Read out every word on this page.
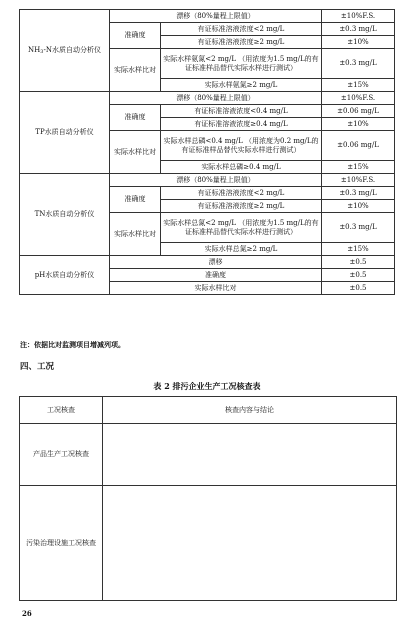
$NH_3-N$水质自动分析仪	漂移（80%量程上限值）		±10%F.S.
	准确度	有证标准溶液浓度<2 mg/L	±0.3 mg/L
		有证标准溶液浓度≥2 mg/L	±10%
	实际水样比对	实际水样氨氮<2 mg/L （用浓度为1.5 mg/L的有证标准样品替代实际水样进行测试）	±0.3 mg/L
		实际水样氨氮≥2 mg/L	±15%
TP水质自动分析仪	漂移（80%量程上限值）		±10%F.S.
	准确度	有证标准溶液浓度<0.4 mg/L	±0.06 mg/L
		有证标准溶液浓度≥0.4 mg/L	±10%
	实际水样比对	实际水样总磷<0.4 mg/L （用浓度为0.2 mg/L的有证标准样品替代实际水样进行测试）	±0.06 mg/L
		实际水样总磷≥0.4 mg/L	±15%
TN水质自动分析仪	漂移（80%量程上限值）		±10%F.S.
	准确度	有证标准溶液浓度<2 mg/L	±0.3 mg/L
		有证标准溶液浓度≥2 mg/L	±10%
	实际水样比对	实际水样总氮<2 mg/L （用浓度为1.5 mg/L的有证标准样品替代实际水样进行测试）	±0.3 mg/L
		实际水样总氮≥2 mg/L	±15%
pH水质自动分析仪	漂移		±0.5
	准确度		±0.5
	实际水样比对		±0.5

注：依据比对监测项目增减列项。

四、工况

表 2 排污企业生产工况核查表

工况核查	核查内容与结论
产品生产工况核查	
污染治理设施工况核查	

26
